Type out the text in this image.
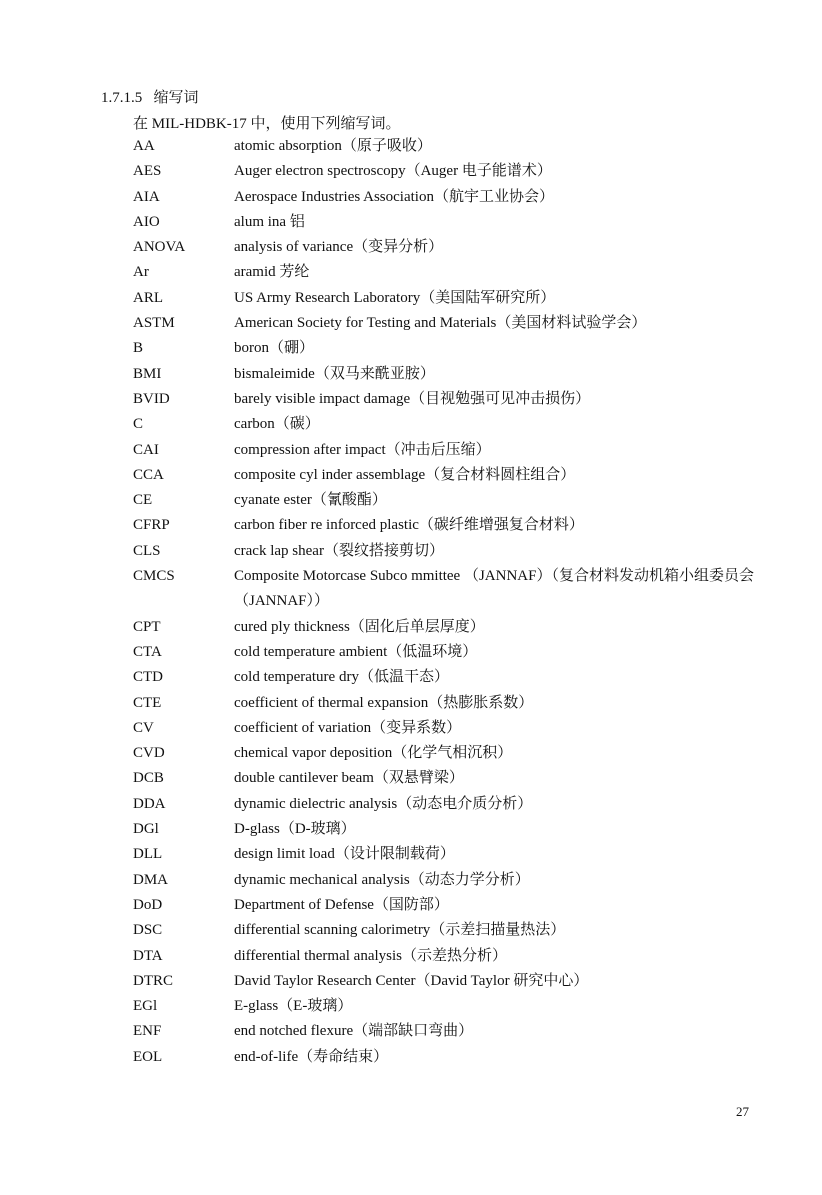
1.7.1.5 缩写词
在 MIL-HDBK-17 中，使用下列缩写词。
AA	atomic absorption（原子吸收）
AES	Auger electron spectroscopy（Auger 电子能谱术）
AIA	Aerospace Industries Association（航宇工业协会）
AIO	alum ina 铝
ANOVA	analysis of variance（变异分析）
Ar	aramid 芳纶
ARL	US Army Research Laboratory（美国陆军研究所）
ASTM	American Society for Testing and Materials（美国材料试验学会）
B	boron（硼）
BMI	bismaleimide（双马来酰亚胺）
BVID	barely visible impact damage（目视勉强可见冲击损伤）
C	carbon（碳）
CAI	compression after impact（冲击后压缩）
CCA	composite cyl inder assemblage（复合材料圆柱组合）
CE	cyanate ester（氰酸酯）
CFRP	carbon fiber re inforced plastic（碳纤维增强复合材料）
CLS	crack lap shear（裂纹搭接剪切）
CMCS	Composite Motorcase Subco mmittee （JANNAF）（复合材料发动机箱小组委员会（JANNAF））
CPT	cured ply thickness（固化后单层厚度）
CTA	cold temperature ambient（低温环境）
CTD	cold temperature dry（低温干态）
CTE	coefficient of thermal expansion（热膨胀系数）
CV	coefficient of variation（变异系数）
CVD	chemical vapor deposition（化学气相沉积）
DCB	double cantilever beam（双悬臂梁）
DDA	dynamic dielectric analysis（动态电介质分析）
DGl	D-glass（D-玻璃）
DLL	design limit load（设计限制载荷）
DMA	dynamic mechanical analysis（动态力学分析）
DoD	Department of Defense（国防部）
DSC	differential scanning calorimetry（示差扫描量热法）
DTA	differential thermal analysis（示差热分析）
DTRC	David Taylor Research Center（David Taylor 研究中心）
EGl	E-glass（E-玻璃）
ENF	end notched flexure（端部缺口弯曲）
EOL	end-of-life（寿命结束）
27
